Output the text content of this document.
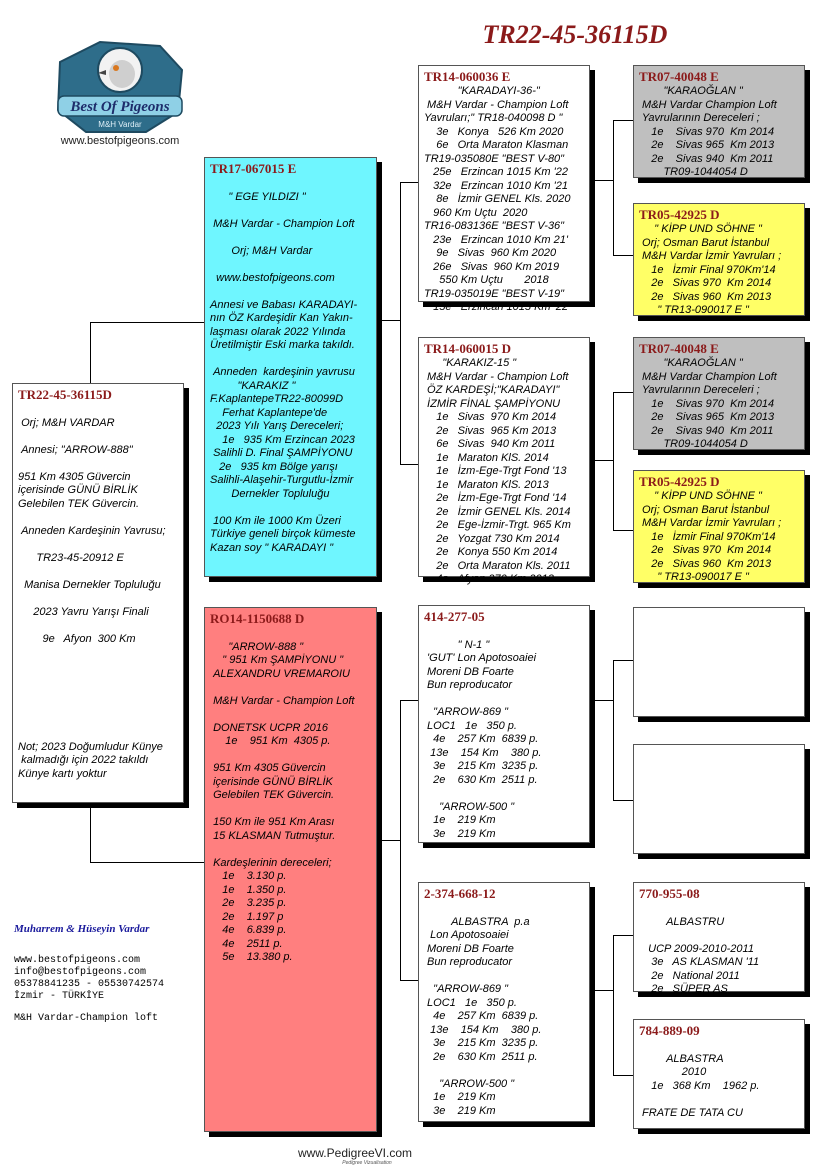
TR22-45-36115D
Best Of Pigeons
M&H Vardar
www.bestofpigeons.com
TR22-45-36115D
Orj; M&H VARDAR
Annesi; "ARROW-888"
951 Km 4305 Güvercin
içerisinde GÜNÜ BİRLİK
Gelebilen TEK Güvercin.
Anneden Kardeşinin Yavrusu;
TR23-45-20912 E
Manisa Dernekler Topluluğu
2023 Yavru Yarışı Finali
9e   Afyon  300 Km
Not; 2023 Doğumludur Künye
kalmadığı için 2022 takıldı
Künye kartı yoktur
TR17-067015 E
" EGE YILDIZI "
M&H Vardar - Champion Loft
Orj; M&H Vardar
www.bestofpigeons.com
Annesi ve Babası KARADAYI-
nın ÖZ Kardeşidir Kan Yakın-
laşması olarak 2022 Yılında
Üretilmiştir Eski marka takıldı.
Anneden  kardeşinin yavrusu
"KARAKIZ "
F.KaplantepeTR22-80099D
Ferhat Kaplantepe'de
2023 Yılı Yarış Dereceleri;
1e   935 Km Erzincan 2023
Salihli D. Final ŞAMPİYONU
2e   935 km Bölge yarışı
Salihli-Alaşehir-Turgutlu-İzmir
Dernekler Topluluğu
100 Km ile 1000 Km Üzeri
Türkiye geneli birçok kümeste
Kazan soy " KARADAYI "
RO14-1150688 D
"ARROW-888 "
" 951 Km ŞAMPİYONU "
ALEXANDRU VREMAROIU
M&H Vardar - Champion Loft
DONETSK UCPR 2016
1e    951 Km  4305 p.
951 Km 4305 Güvercin
içerisinde GÜNÜ BİRLİK
Gelebilen TEK Güvercin.
150 Km ile 951 Km Arası
15 KLASMAN Tutmuştur.
Kardeşlerinin dereceleri;
1e    3.130 p.
1e    1.350 p.
2e    3.235 p.
2e    1.197 p
4e    6.839 p.
4e    2511 p.
5e    13.380 p.
TR14-060036 E
"KARADAYI-36-"
M&H Vardar - Champion Loft
Yavruları;" TR18-040098 D "
3e   Konya   526 Km 2020
6e   Orta Maraton Klasman
TR19-035080E "BEST V-80"
25e   Erzincan 1015 Km '22
32e   Erzincan 1010 Km '21
8e   İzmir GENEL Kls. 2020
960 Km Uçtu  2020
TR16-083136E "BEST V-36"
23e   Erzincan 1010 Km 21'
9e   Sivas  960 Km 2020
26e   Sivas  960 Km 2019
550 Km Uçtu       2018
TR19-035019E "BEST V-19"
15e   Erzincan 1015 Km '22
TR14-060015 D
"KARAKIZ-15 "
M&H Vardar - Champion Loft
ÖZ KARDEŞİ;"KARADAYI"
İZMİR FİNAL ŞAMPİYONU
1e   Sivas  970 Km 2014
2e   Sivas  965 Km 2013
6e   Sivas  940 Km 2011
1e   Maraton KlS. 2014
1e   İzm-Ege-Trgt Fond '13
1e   Maraton KlS. 2013
2e   İzm-Ege-Trgt Fond '14
2e   İzmir GENEL Kls. 2014
2e   Ege-İzmir-Trgt. 965 Km
2e   Yozgat 730 Km 2014
2e   Konya 550 Km 2014
2e   Orta Maraton Kls. 2011
4e   Afyon 270 Km 2013
414-277-05
" N-1 "
'GUT' Lon Apotosoaiei
Moreni DB Foarte
Bun reproducator
"ARROW-869 "
LOC1   1e   350 p.
4e    257 Km  6839 p.
13e    154 Km    380 p.
3e    215 Km  3235 p.
2e    630 Km  2511 p.
"ARROW-500 "
1e    219 Km
3e    219 Km
2-374-668-12
ALBASTRA  p.a
Lon Apotosoaiei
Moreni DB Foarte
Bun reproducator
"ARROW-869 "
LOC1   1e   350 p.
4e    257 Km  6839 p.
13e    154 Km    380 p.
3e    215 Km  3235 p.
2e    630 Km  2511 p.
"ARROW-500 "
1e    219 Km
3e    219 Km
TR07-40048 E
"KARAOĞLAN "
M&H Vardar Champion Loft
Yavrularının Dereceleri ;
1e    Sivas 970  Km 2014
2e    Sivas 965  Km 2013
2e    Sivas 940  Km 2011
TR09-1044054 D
TR05-42925 D
" KİPP UND SÖHNE "
Orj; Osman Barut İstanbul
M&H Vardar İzmir Yavruları ;
1e   İzmir Final 970Km'14
2e   Sivas 970  Km 2014
2e   Sivas 960  Km 2013
" TR13-090017 E "
TR07-40048 E
"KARAOĞLAN "
M&H Vardar Champion Loft
Yavrularının Dereceleri ;
1e    Sivas 970  Km 2014
2e    Sivas 965  Km 2013
2e    Sivas 940  Km 2011
TR09-1044054 D
TR05-42925 D
" KİPP UND SÖHNE "
Orj; Osman Barut İstanbul
M&H Vardar İzmir Yavruları ;
1e   İzmir Final 970Km'14
2e   Sivas 970  Km 2014
2e   Sivas 960  Km 2013
" TR13-090017 E "
770-955-08
ALBASTRU
UCP 2009-2010-2011
3e   AS KLASMAN '11
2e   National 2011
2e   SÜPER AS
784-889-09
ALBASTRA
2010
1e   368 Km    1962 p.
FRATE DE TATA CU
Muharrem & Hüseyin Vardar
www.bestofpigeons.com
info@bestofpigeons.com
05378841235 - 05530742574
İzmir - TÜRKİYE
M&H Vardar-Champion loft
www.PedigreeVI.com
Pedigree Vizualisation
